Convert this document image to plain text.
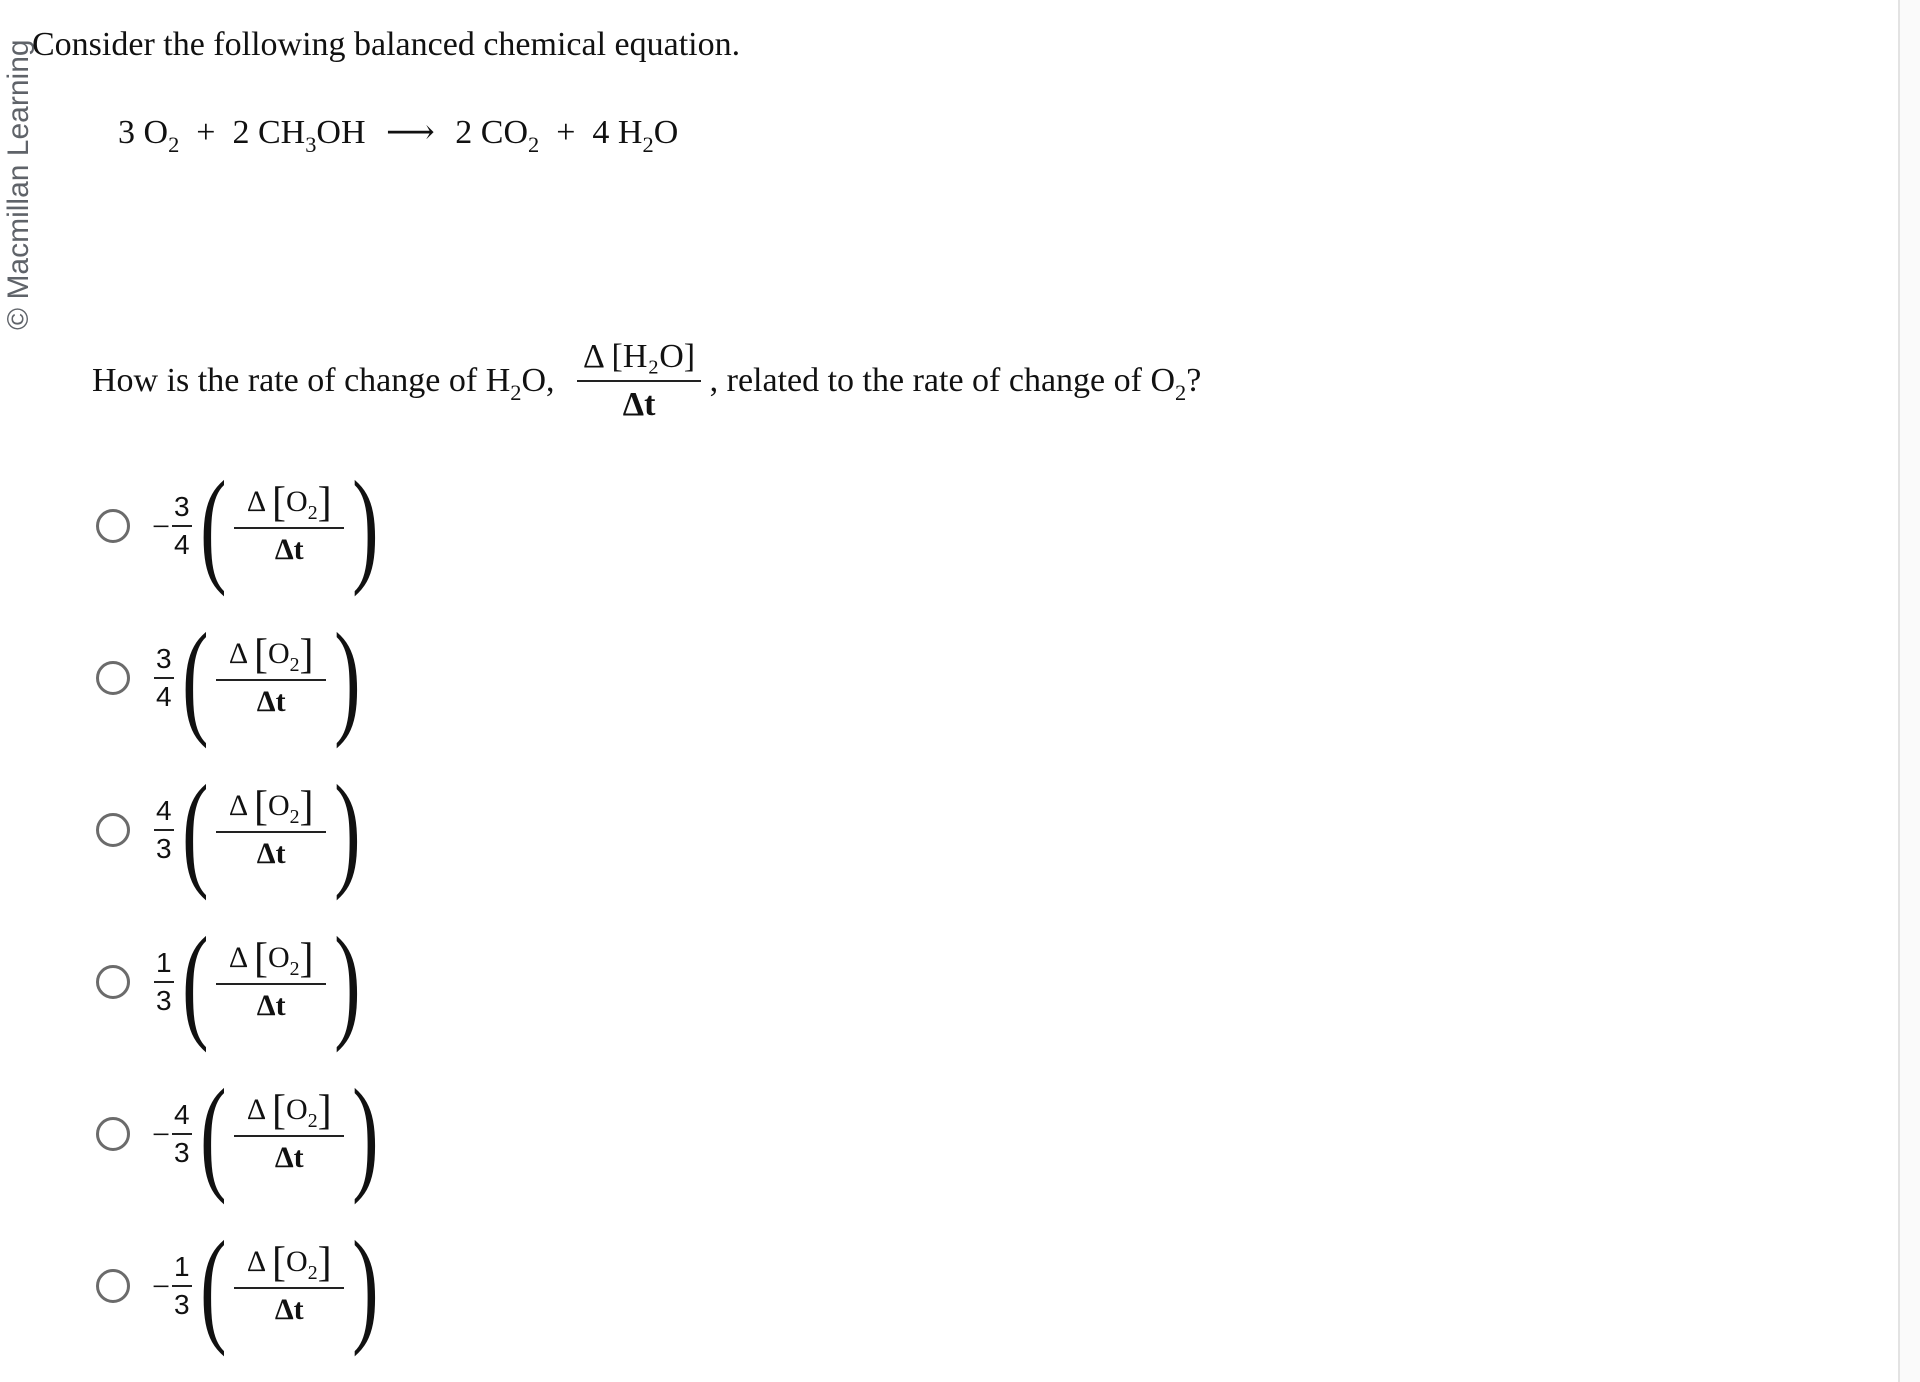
© Macmillan Learning
Consider the following balanced chemical equation.
3 $O_2 + 2$ $CH_3OH$ ⟶ 2 $CO_2 + 4$ $H_2O$
How is the rate of change of $H_2O$, $\frac{\text{Δ [H₂O]}}{\Delta t}$ , related to the rate of change of $O_2$?
− $\frac{3}{4}$ ( $\frac{\Delta [O_2]}{\Delta t}$ )
$\frac{3}{4}$ ( $\frac{\Delta [O_2]}{\Delta t}$ )
$\frac{4}{3}$ ( $\frac{\Delta [O_2]}{\Delta t}$ )
$\frac{1}{3}$ ( $\frac{\Delta [O_2]}{\Delta t}$ )
− $\frac{4}{3}$ ( $\frac{\Delta [O_2]}{\Delta t}$ )
− $\frac{1}{3}$ ( $\frac{\Delta [O_2]}{\Delta t}$ )
